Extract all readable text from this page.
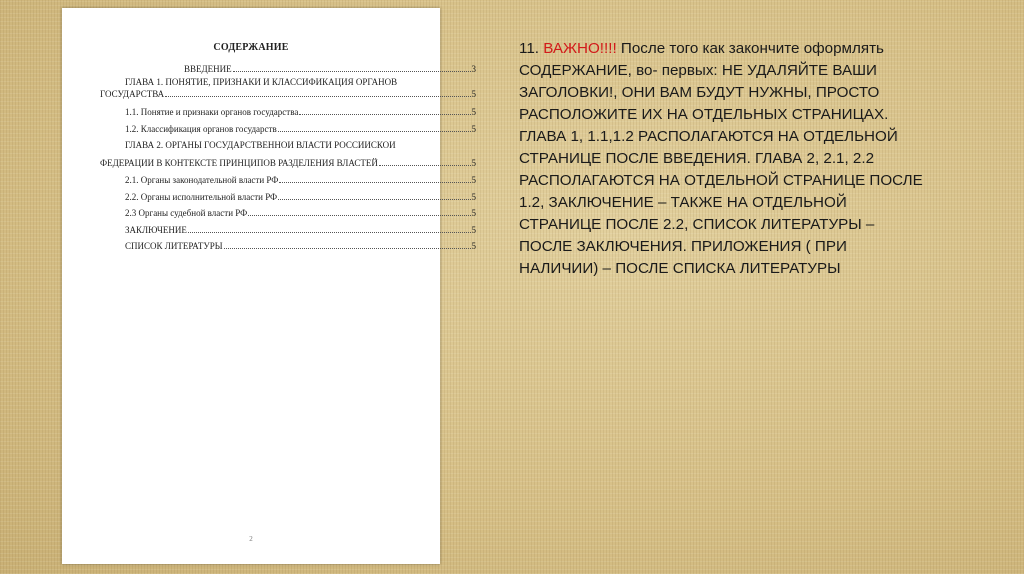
СОДЕРЖАНИЕ
ВВЕДЕНИЕ	3
ГЛАВА 1. ПОНЯТИЕ, ПРИЗНАКИ И КЛАССИФИКАЦИЯ ОРГАНОВ
ГОСУДАРСТВА	5
1.1. Понятие и признаки органов государства	5
1.2. Классификация органов государств	5
ГЛАВА 2. ОРГАНЫ ГОСУДАРСТВЕННОИ ВЛАСТИ РОССИИСКОИ
ФЕДЕРАЦИИ В КОНТЕКСТЕ ПРИНЦИПОВ РАЗДЕЛЕНИЯ ВЛАСТЕЙ	5
2.1. Органы законодательной власти РФ	5
2.2. Органы исполнительной власти РФ	5
2.3 Органы судебной власти РФ	5
ЗАКЛЮЧЕНИЕ	5
СПИСОК ЛИТЕРАТУРЫ	5
2
11. ВАЖНО!!!! После того как закончите оформлять
СОДЕРЖАНИЕ, во- первых: НЕ УДАЛЯЙТЕ ВАШИ
ЗАГОЛОВКИ!, ОНИ ВАМ БУДУТ НУЖНЫ, ПРОСТО
РАСПОЛОЖИТЕ ИХ НА ОТДЕЛЬНЫХ СТРАНИЦАХ.
ГЛАВА 1, 1.1,1.2 РАСПОЛАГАЮТСЯ НА ОТДЕЛЬНОЙ
СТРАНИЦЕ ПОСЛЕ ВВЕДЕНИЯ. ГЛАВА 2, 2.1, 2.2
РАСПОЛАГАЮТСЯ НА ОТДЕЛЬНОЙ СТРАНИЦЕ ПОСЛЕ
1.2, ЗАКЛЮЧЕНИЕ – ТАКЖЕ НА ОТДЕЛЬНОЙ
СТРАНИЦЕ ПОСЛЕ 2.2, СПИСОК ЛИТЕРАТУРЫ –
ПОСЛЕ ЗАКЛЮЧЕНИЯ. ПРИЛОЖЕНИЯ ( ПРИ
НАЛИЧИИ) – ПОСЛЕ СПИСКА ЛИТЕРАТУРЫ
